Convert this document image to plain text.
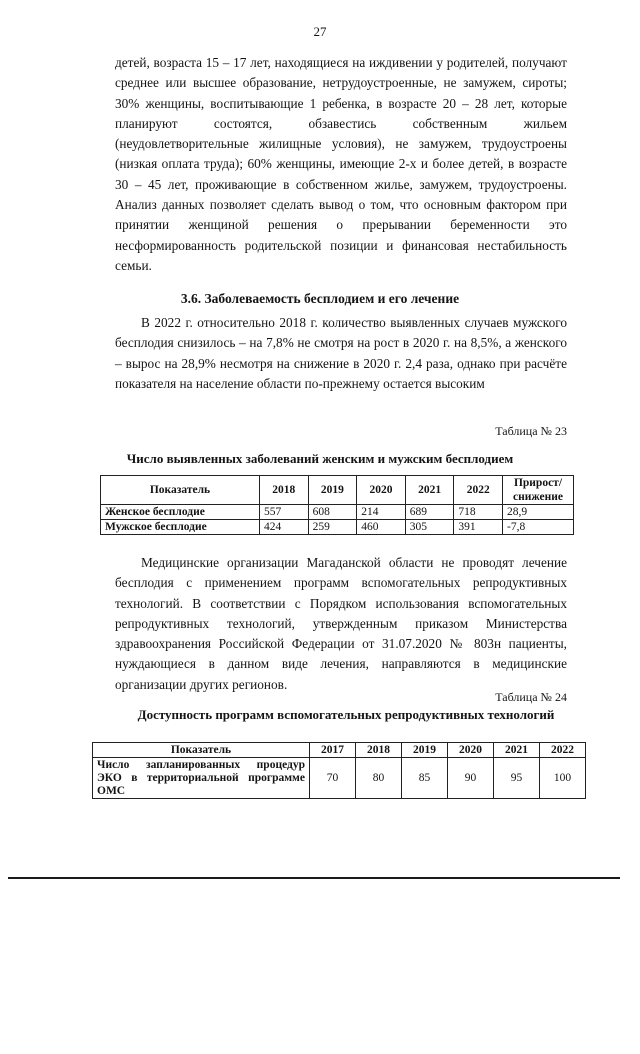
27

детей, возраста 15 – 17 лет, находящиеся на иждивении у родителей, получают среднее или высшее образование, нетрудоустроенные, не замужем, сироты; 30% женщины, воспитывающие 1 ребенка, в возрасте 20 – 28 лет, которые планируют состоятся, обзавестись собственным жильем (неудовлетворительные жилищные условия), не замужем, трудоустроены (низкая оплата труда); 60% женщины, имеющие 2-х и более детей, в возрасте 30 – 45 лет, проживающие в собственном жилье, замужем, трудоустроены. Анализ данных позволяет сделать вывод о том, что основным фактором при принятии женщиной решения о прерывании беременности это несформированность родительской позиции и финансовая нестабильность семьи.

3.6. Заболеваемость бесплодием и его лечение

В 2022 г. относительно 2018 г. количество выявленных случаев мужского бесплодия снизилось – на 7,8% не смотря на рост в 2020 г. на 8,5%, а женского – вырос на 28,9% несмотря на снижение в 2020 г. 2,4 раза, однако при расчёте показателя на население области по-прежнему остается высоким

Таблица № 23
Число выявленных заболеваний женским и мужским бесплодием
Показатель	2018	2019	2020	2021	2022	Прирост/ снижение
Женское бесплодие	557	608	214	689	718	28,9
Мужское бесплодие	424	259	460	305	391	-7,8

Медицинские организации Магаданской области не проводят лечение бесплодия с применением программ вспомогательных репродуктивных технологий. В соответствии с Порядком использования вспомогательных репродуктивных технологий, утвержденным приказом Министерства здравоохранения Российской Федерации от 31.07.2020 № 803н пациенты, нуждающиеся в данном виде лечения, направляются в медицинские организации других регионов.

Таблица № 24
Доступность программ вспомогательных репродуктивных технологий
Показатель	2017	2018	2019	2020	2021	2022
Число запланированных процедур ЭКО в территориальной программе ОМС	70	80	85	90	95	100
